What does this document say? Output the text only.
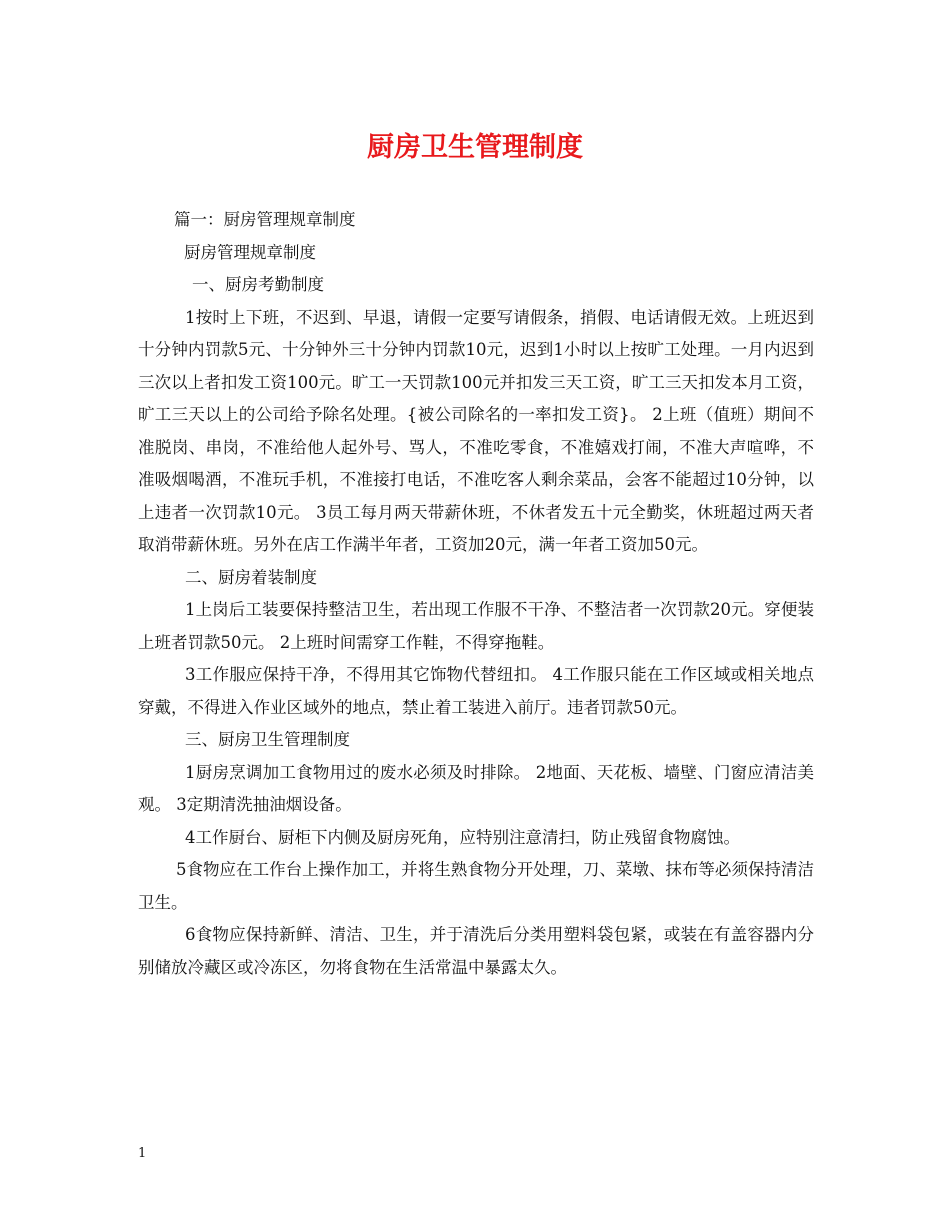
厨房卫生管理制度

篇一：厨房管理规章制度

厨房管理规章制度

一、厨房考勤制度

1按时上下班，不迟到、早退，请假一定要写请假条，捎假、电话请假无效。上班迟到十分钟内罚款5元、十分钟外三十分钟内罚款10元，迟到1小时以上按旷工处理。一月内迟到三次以上者扣发工资100元。旷工一天罚款100元并扣发三天工资，旷工三天扣发本月工资， 旷工三天以上的公司给予除名处理。{被公司除名的一率扣发工资}。 2上班（值班）期间不准脱岗、串岗，不准给他人起外号、骂人，不准吃零食，不准嬉戏打闹，不准大声喧哗，不准吸烟喝酒，不准玩手机，不准接打电话，不准吃客人剩余菜品，会客不能超过10分钟，以上违者一次罚款10元。 3员工每月两天带薪休班，不休者发五十元全勤奖，休班超过两天者取消带薪休班。另外在店工作满半年者，工资加20元，满一年者工资加50元。

二、厨房着装制度

1上岗后工装要保持整洁卫生，若出现工作服不干净、不整洁者一次罚款20元。穿便装上班者罚款50元。 2上班时间需穿工作鞋，不得穿拖鞋。

3工作服应保持干净，不得用其它饰物代替纽扣。 4工作服只能在工作区域或相关地点穿戴，不得进入作业区域外的地点，禁止着工装进入前厅。违者罚款50元。

三、厨房卫生管理制度

1厨房烹调加工食物用过的废水必须及时排除。 2地面、天花板、墙壁、门窗应清洁美观。 3定期清洗抽油烟设备。

4工作厨台、厨柜下内侧及厨房死角，应特别注意清扫，防止残留食物腐蚀。

5食物应在工作台上操作加工，并将生熟食物分开处理，刀、菜墩、抹布等必须保持清洁卫生。

6食物应保持新鲜、清洁、卫生，并于清洗后分类用塑料袋包紧，或装在有盖容器内分别储放冷藏区或冷冻区，勿将食物在生活常温中暴露太久。

1
